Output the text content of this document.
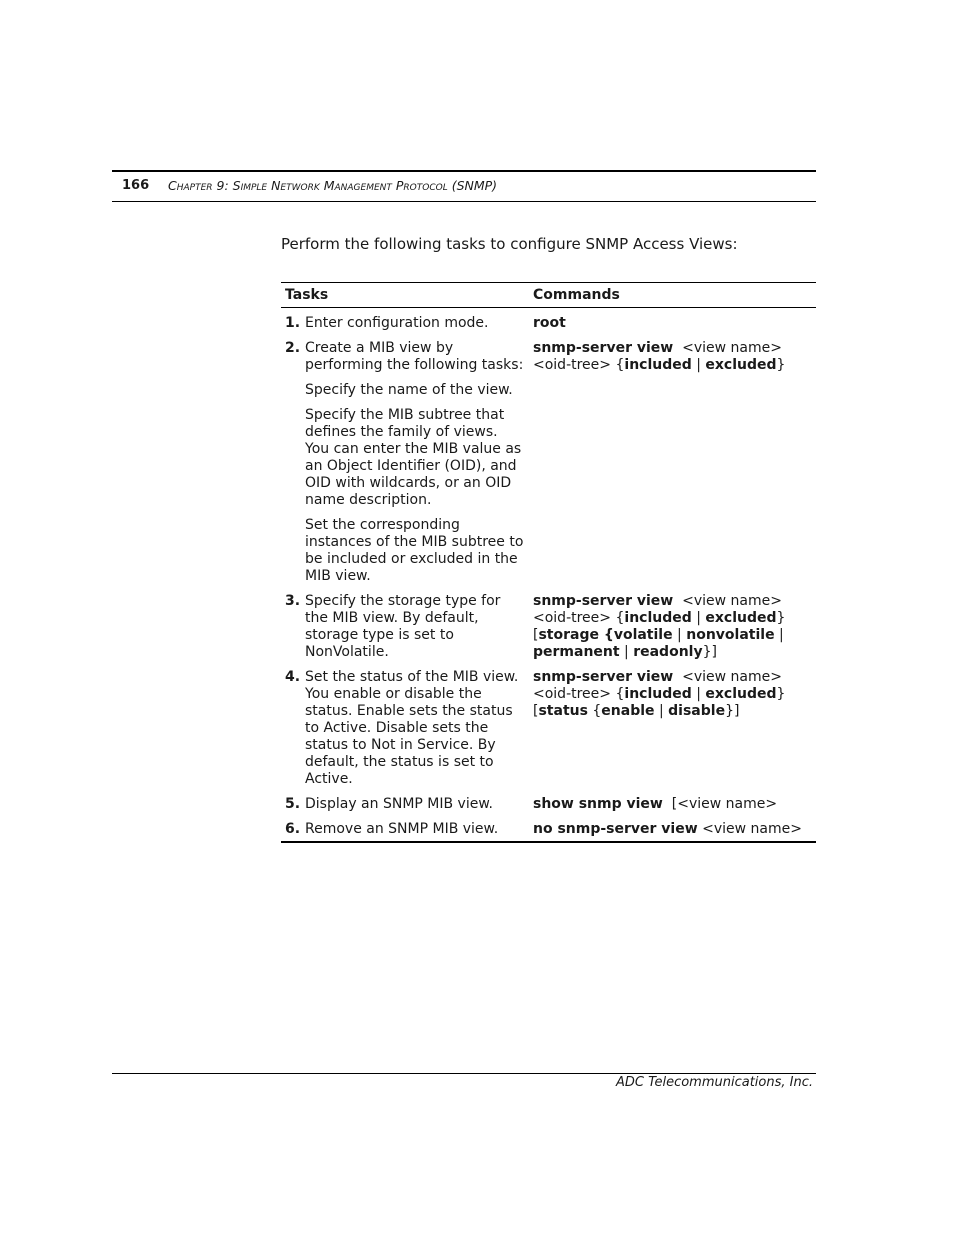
166 Chapter 9: Simple Network Management Protocol (SNMP)

Perform the following tasks to configure SNMP Access Views:

Tasks	Commands

1. Enter configuration mode.	root

2. Create a MIB view by performing the following tasks:

Specify the name of the view.

Specify the MIB subtree that defines the family of views. You can enter the MIB value as an Object Identifier (OID), and OID with wildcards, or an OID name description.

Set the corresponding instances of the MIB subtree to be included or excluded in the MIB view.	snmp-server view  <view name> <oid-tree> {included | excluded}

3. Specify the storage type for the MIB view. By default, storage type is set to NonVolatile.	snmp-server view  <view name> <oid-tree> {included | excluded} [storage {volatile | nonvolatile | permanent | readonly}]

4. Set the status of the MIB view. You enable or disable the status. Enable sets the status to Active. Disable sets the status to Not in Service. By default, the status is set to Active.	snmp-server view  <view name> <oid-tree> {included | excluded} [status {enable | disable}]

5. Display an SNMP MIB view.	show snmp view  [<view name>

6. Remove an SNMP MIB view.	no snmp-server view <view name>
ADC Telecommunications, Inc.
